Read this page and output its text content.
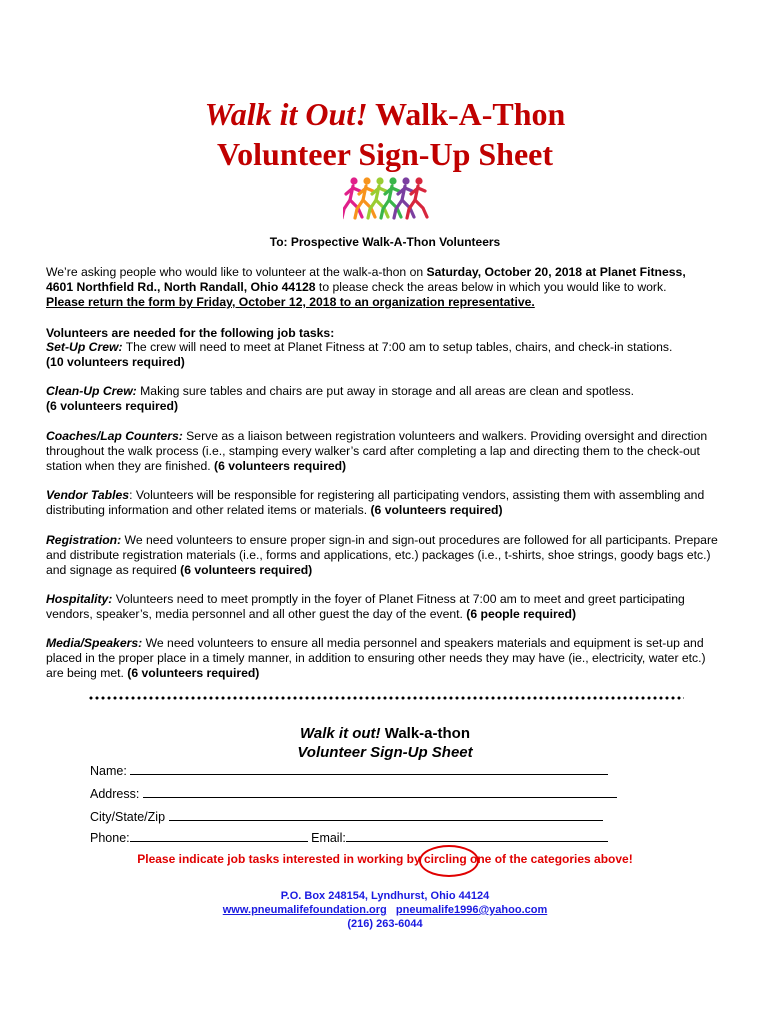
Walk it Out! Walk-A-Thon
Volunteer Sign-Up Sheet
To: Prospective Walk-A-Thon Volunteers
We’re asking people who would like to volunteer at the walk-a-thon on Saturday, October 20, 2018 at Planet Fitness,
4601 Northfield Rd., North Randall, Ohio 44128 to please check the areas below in which you would like to work.
Please return the form by Friday, October 12, 2018 to an organization representative.
Volunteers are needed for the following job tasks:
Set-Up Crew: The crew will need to meet at Planet Fitness at 7:00 am to setup tables, chairs, and check-in stations.
(10 volunteers required)
Clean-Up Crew: Making sure tables and chairs are put away in storage and all areas are clean and spotless.
(6 volunteers required)
Coaches/Lap Counters: Serve as a liaison between registration volunteers and walkers. Providing oversight and direction throughout the walk process (i.e., stamping every walker’s card after completing a lap and directing them to the check-out station when they are finished. (6 volunteers required)
Vendor Tables: Volunteers will be responsible for registering all participating vendors, assisting them with assembling and distributing information and other related items or materials. (6 volunteers required)
Registration: We need volunteers to ensure proper sign-in and sign-out procedures are followed for all participants. Prepare and distribute registration materials (i.e., forms and applications, etc.) packages (i.e., t-shirts, shoe strings, goody bags etc.) and signage as required (6 volunteers required)
Hospitality: Volunteers need to meet promptly in the foyer of Planet Fitness at 7:00 am to meet and greet participating vendors, speaker’s, media personnel and all other guest the day of the event. (6 people required)
Media/Speakers: We need volunteers to ensure all media personnel and speakers materials and equipment is set-up and placed in the proper place in a timely manner, in addition to ensuring other needs they may have (ie., electricity, water etc.) are being met. (6 volunteers required)
Walk it out! Walk-a-thon
Volunteer Sign-Up Sheet
Name:
Address:
City/State/Zip
Phone:	Email:
Please indicate job tasks interested in working by circling one of the categories above!
P.O. Box 248154, Lyndhurst, Ohio 44124
www.pneumalifefoundation.org pneumalife1996@yahoo.com
(216) 263-6044
